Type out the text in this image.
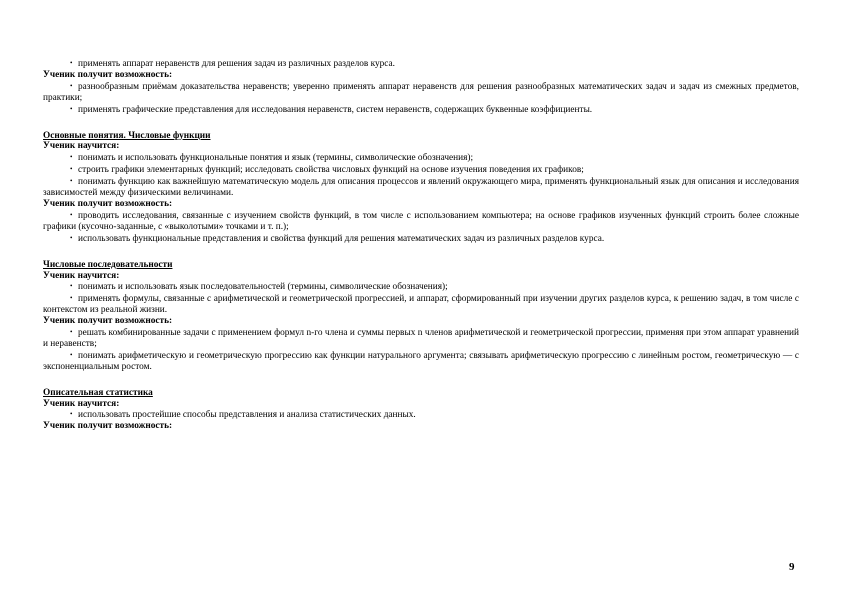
• применять аппарат неравенств для решения задач из различных разделов курса.

Ученик получит возможность:

• разнообразным приёмам доказательства неравенств; уверенно применять аппарат неравенств для решения разнообразных математических задач и задач из смежных предметов, практики;

• применять графические представления для исследования неравенств, систем неравенств, содержащих буквенные коэффициенты.

Основные понятия. Числовые функции

Ученик научится:

• понимать и использовать функциональные понятия и язык (термины, символические обозначения);

• строить графики элементарных функций; исследовать свойства числовых функций на основе изучения поведения их графиков;

• понимать функцию как важнейшую математическую модель для описания процессов и явлений окружающего мира, применять функциональный язык для описания и исследования зависимостей между физическими величинами.

Ученик получит возможность:

• проводить исследования, связанные с изучением свойств функций, в том числе с использованием компьютера; на основе графиков изученных функций строить более сложные графики (кусочно-заданные, с «выколотыми» точками и т. п.);

• использовать функциональные представления и свойства функций для решения математических задач из различных разделов курса.

Числовые последовательности

Ученик научится:

• понимать и использовать язык последовательностей (термины, символические обозначения);

• применять формулы, связанные с арифметической и геометрической прогрессией, и аппарат, сформированный при изучении других разделов курса, к решению задач, в том числе с контекстом из реальной жизни.

Ученик получит возможность:

• решать комбинированные задачи с применением формул n-го члена и суммы первых n членов арифметической и геометрической прогрессии, применяя при этом аппарат уравнений и неравенств;

• понимать арифметическую и геометрическую прогрессию как функции натурального аргумента; связывать арифметическую прогрессию с линейным ростом, геометрическую — с экспоненциальным ростом.

Описательная статистика

Ученик научится:

• использовать простейшие способы представления и анализа статистических данных.

Ученик получит возможность:

9
